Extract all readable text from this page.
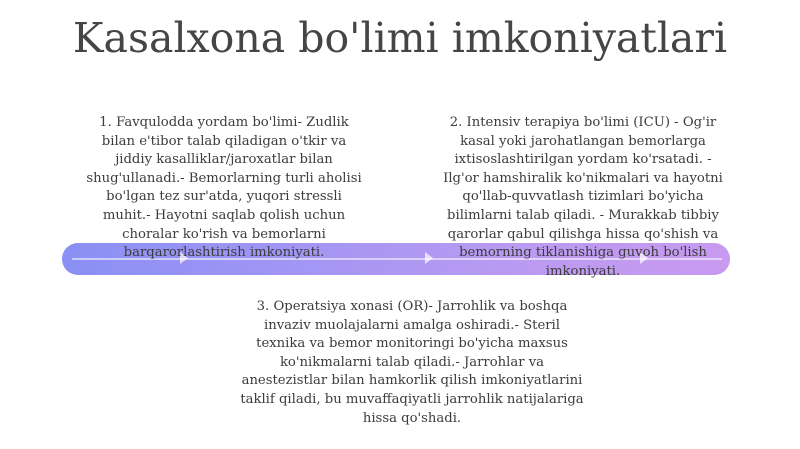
Kasalxona bo'limi imkoniyatlari
1. Favqulodda yordam bo'limi- Zudlik bilan e'tibor talab qiladigan o'tkir va jiddiy kasalliklar/jaroxatlar bilan shug'ullanadi.- Bemorlarning turli aholisi bo'lgan tez sur'atda, yuqori stressli muhit.- Hayotni saqlab qolish uchun choralar ko'rish va bemorlarni barqarorlashtirish imkoniyati.
2. Intensiv terapiya bo'limi (ICU) - Og'ir kasal yoki jarohatlangan bemorlarga ixtisoslashtirilgan yordam ko'rsatadi. - Ilg'or hamshiralik ko'nikmalari va hayotni qo'llab-quvvatlash tizimlari bo'yicha bilimlarni talab qiladi. - Murakkab tibbiy qarorlar qabul qilishga hissa qo'shish va bemorning tiklanishiga guvoh bo'lish imkoniyati.
3. Operatsiya xonasi (OR)- Jarrohlik va boshqa invaziv muolajalarni amalga oshiradi.- Steril texnika va bemor monitoringi bo'yicha maxsus ko'nikmalarni talab qiladi.- Jarrohlar va anestezistlar bilan hamkorlik qilish imkoniyatlarini taklif qiladi, bu muvaffaqiyatli jarrohlik natijalariga hissa qo'shadi.
